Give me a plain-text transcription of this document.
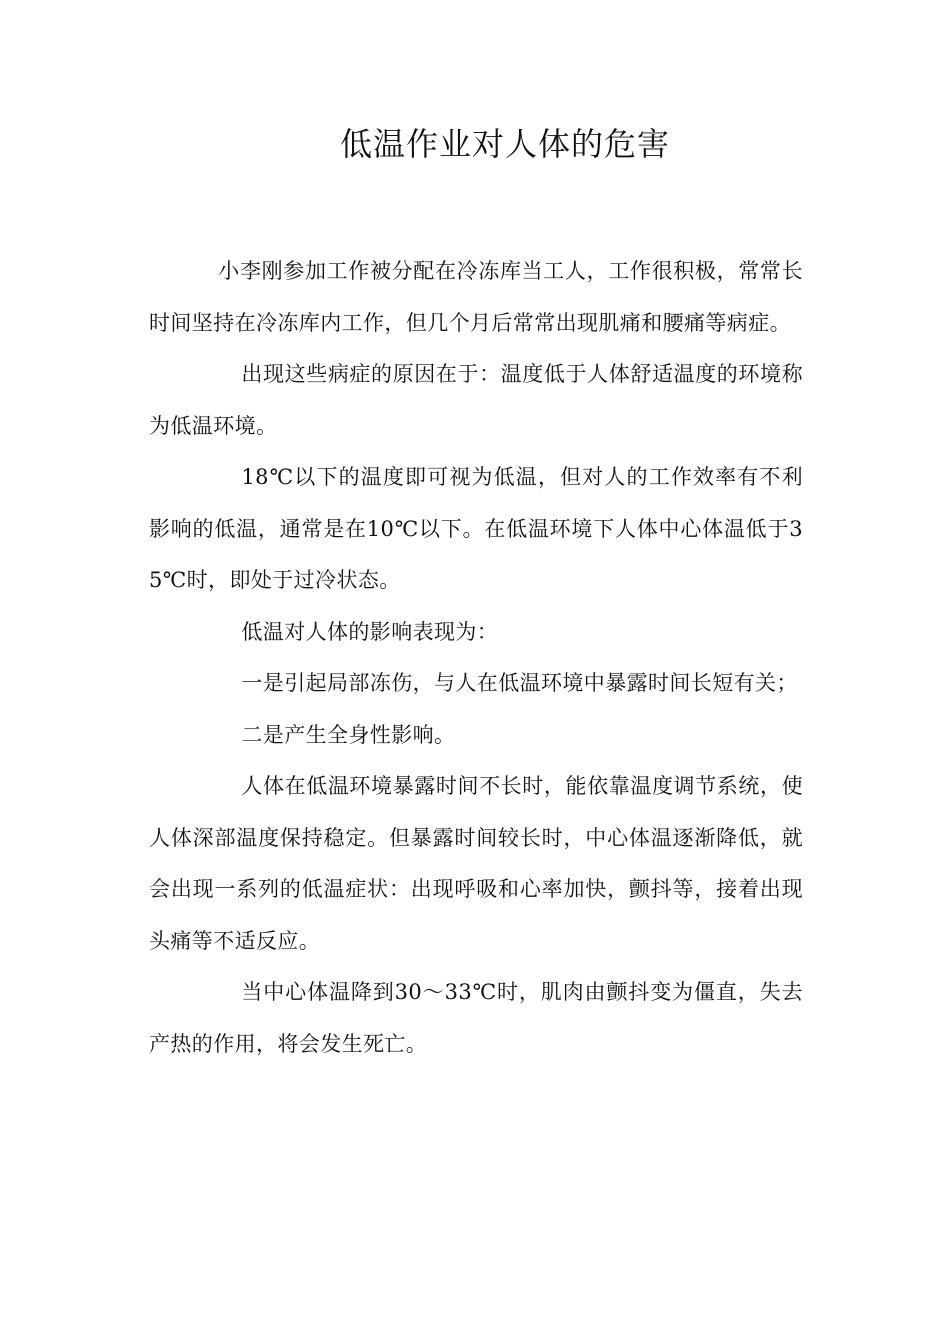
低温作业对人体的危害

小李刚参加工作被分配在冷冻库当工人，工作很积极，常常长时间坚持在冷冻库内工作，但几个月后常常出现肌痛和腰痛等病症。

出现这些病症的原因在于：温度低于人体舒适温度的环境称为低温环境。

18℃以下的温度即可视为低温，但对人的工作效率有不利影响的低温，通常是在10℃以下。在低温环境下人体中心体温低于35℃时，即处于过冷状态。

低温对人体的影响表现为：

一是引起局部冻伤，与人在低温环境中暴露时间长短有关；

二是产生全身性影响。

人体在低温环境暴露时间不长时，能依靠温度调节系统，使人体深部温度保持稳定。但暴露时间较长时，中心体温逐渐降低，就会出现一系列的低温症状：出现呼吸和心率加快，颤抖等，接着出现头痛等不适反应。

当中心体温降到30～33℃时，肌肉由颤抖变为僵直，失去产热的作用，将会发生死亡。
